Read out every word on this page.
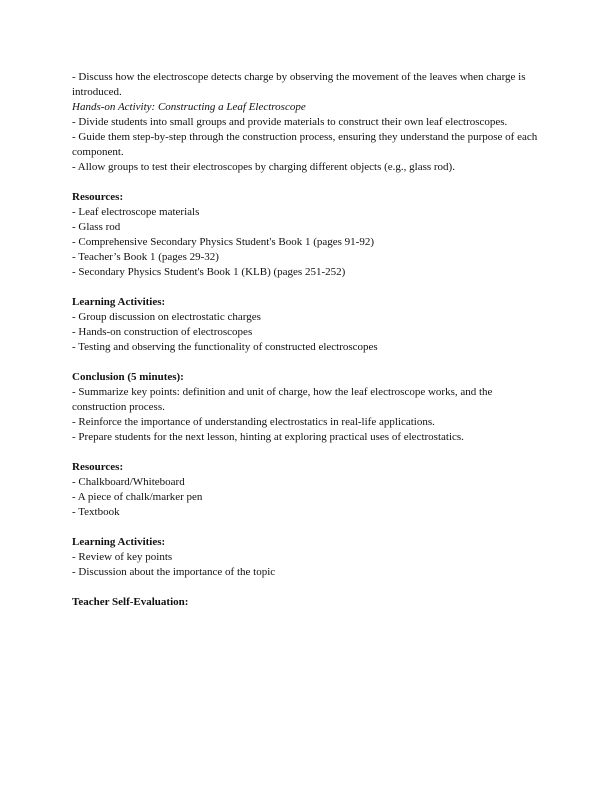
- Discuss how the electroscope detects charge by observing the movement of the leaves when charge is introduced.
Hands-on Activity: Constructing a Leaf Electroscope
- Divide students into small groups and provide materials to construct their own leaf electroscopes.
- Guide them step-by-step through the construction process, ensuring they understand the purpose of each component.
- Allow groups to test their electroscopes by charging different objects (e.g., glass rod).
Resources:
- Leaf electroscope materials
- Glass rod
- Comprehensive Secondary Physics Student's Book 1 (pages 91-92)
- Teacher’s Book 1 (pages 29-32)
- Secondary Physics Student's Book 1 (KLB) (pages 251-252)
Learning Activities:
- Group discussion on electrostatic charges
- Hands-on construction of electroscopes
- Testing and observing the functionality of constructed electroscopes
Conclusion (5 minutes):
- Summarize key points: definition and unit of charge, how the leaf electroscope works, and the construction process.
- Reinforce the importance of understanding electrostatics in real-life applications.
- Prepare students for the next lesson, hinting at exploring practical uses of electrostatics.
Resources:
- Chalkboard/Whiteboard
- A piece of chalk/marker pen
- Textbook
Learning Activities:
- Review of key points
- Discussion about the importance of the topic
Teacher Self-Evaluation:
